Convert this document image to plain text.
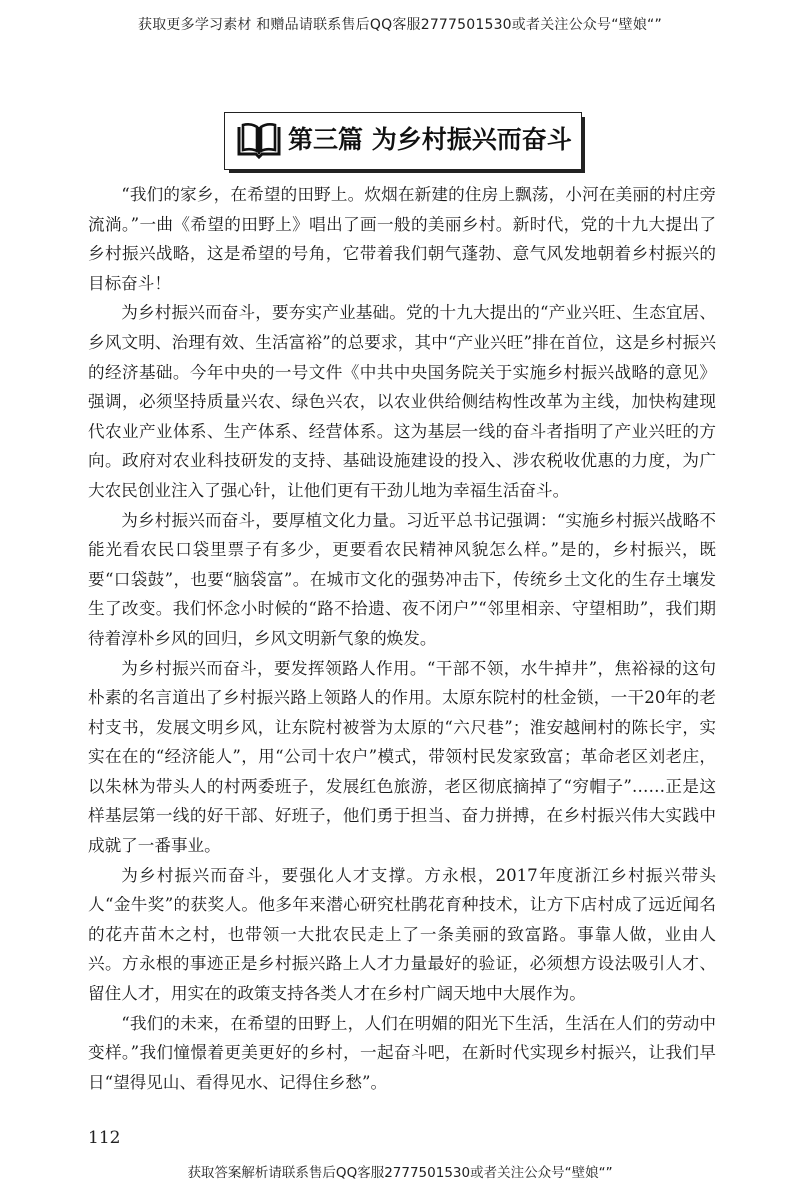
获取更多学习素材 和赠品请联系售后QQ客服2777501530或者关注公众号“壁娘“”
第三篇 为乡村振兴而奋斗

“我们的家乡，在希望的田野上。炊烟在新建的住房上飘荡，小河在美丽的村庄旁流淌。”一曲《希望的田野上》唱出了画一般的美丽乡村。新时代，党的十九大提出了乡村振兴战略，这是希望的号角，它带着我们朝气蓬勃、意气风发地朝着乡村振兴的目标奋斗！

为乡村振兴而奋斗，要夯实产业基础。党的十九大提出的“产业兴旺、生态宜居、乡风文明、治理有效、生活富裕”的总要求，其中“产业兴旺”排在首位，这是乡村振兴的经济基础。今年中央的一号文件《中共中央国务院关于实施乡村振兴战略的意见》强调，必须坚持质量兴农、绿色兴农，以农业供给侧结构性改革为主线，加快构建现代农业产业体系、生产体系、经营体系。这为基层一线的奋斗者指明了产业兴旺的方向。政府对农业科技研发的支持、基础设施建设的投入、涉农税收优惠的力度，为广大农民创业注入了强心针，让他们更有干劲儿地为幸福生活奋斗。

为乡村振兴而奋斗，要厚植文化力量。习近平总书记强调：“实施乡村振兴战略不能光看农民口袋里票子有多少，更要看农民精神风貌怎么样。”是的，乡村振兴，既要“口袋鼓”，也要“脑袋富”。在城市文化的强势冲击下，传统乡土文化的生存土壤发生了改变。我们怀念小时候的“路不拾遗、夜不闭户”“邻里相亲、守望相助”，我们期待着淳朴乡风的回归，乡风文明新气象的焕发。

为乡村振兴而奋斗，要发挥领路人作用。“干部不领，水牛掉井”，焦裕禄的这句朴素的名言道出了乡村振兴路上领路人的作用。太原东院村的杜金锁，一干20年的老村支书，发展文明乡风，让东院村被誉为太原的“六尺巷”；淮安越闸村的陈长宇，实实在在的“经济能人”，用“公司十农户”模式，带领村民发家致富；革命老区刘老庄，以朱林为带头人的村两委班子，发展红色旅游，老区彻底摘掉了“穷帽子”……正是这样基层第一线的好干部、好班子，他们勇于担当、奋力拼搏，在乡村振兴伟大实践中成就了一番事业。

为乡村振兴而奋斗，要强化人才支撑。方永根，2017年度浙江乡村振兴带头人“金牛奖”的获奖人。他多年来潜心研究杜鹃花育种技术，让方下店村成了远近闻名的花卉苗木之村，也带领一大批农民走上了一条美丽的致富路。事靠人做，业由人兴。方永根的事迹正是乡村振兴路上人才力量最好的验证，必须想方设法吸引人才、留住人才，用实在的政策支持各类人才在乡村广阔天地中大展作为。

“我们的未来，在希望的田野上，人们在明媚的阳光下生活，生活在人们的劳动中变样。”我们憧憬着更美更好的乡村，一起奋斗吧，在新时代实现乡村振兴，让我们早日“望得见山、看得见水、记得住乡愁”。

112
获取答案解析请联系售后QQ客服2777501530或者关注公众号“壁娘“”
